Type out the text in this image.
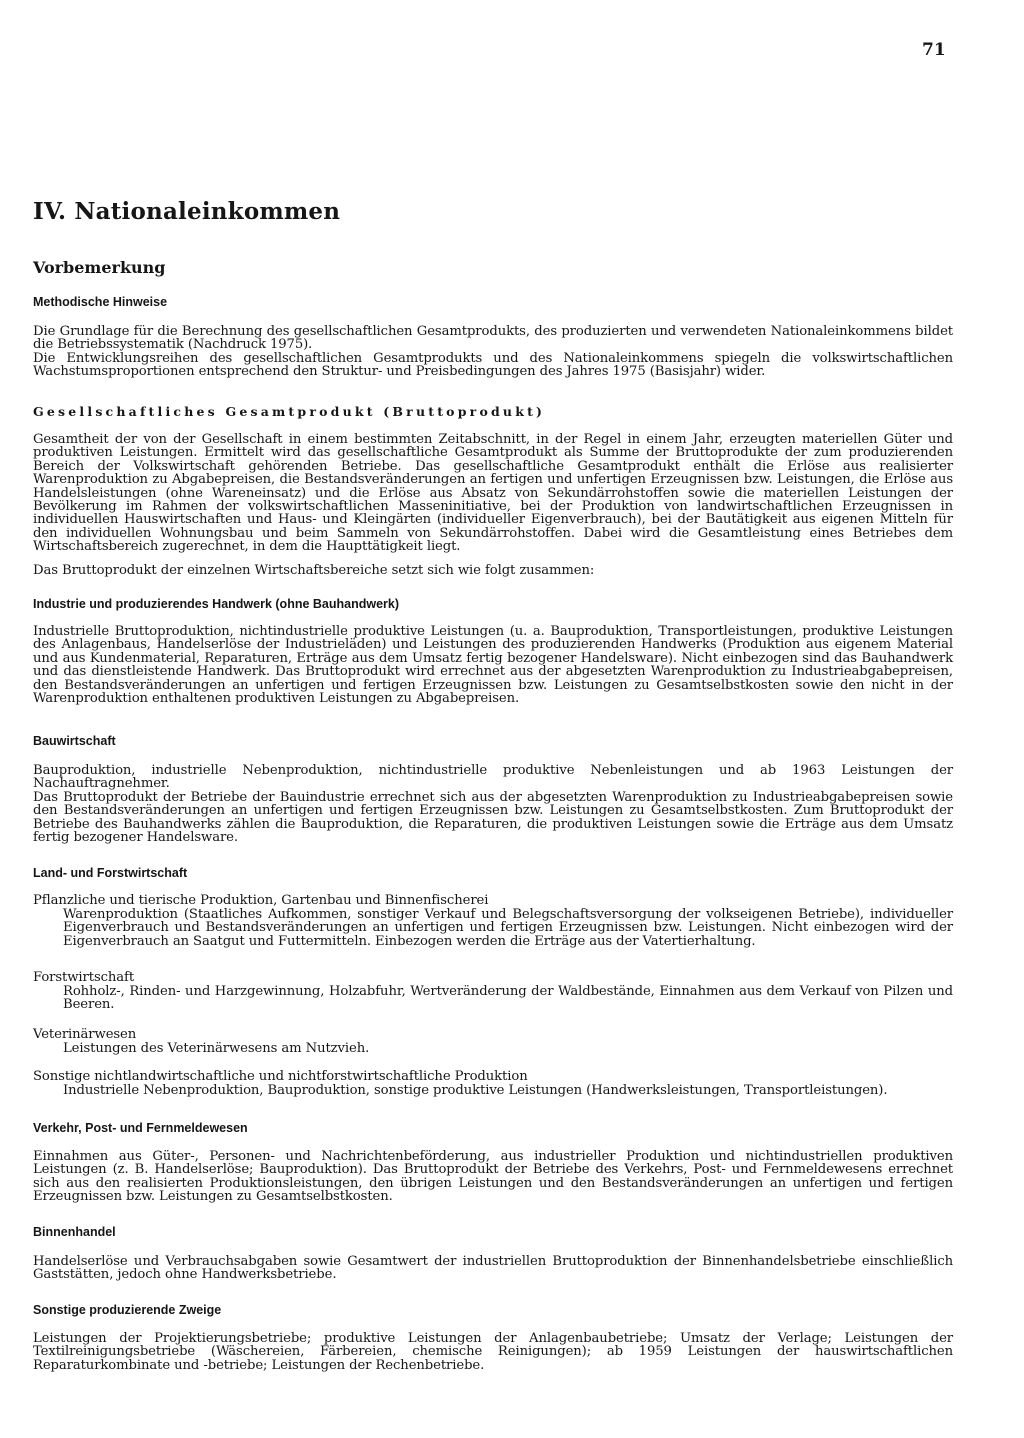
71
IV. Nationaleinkommen
Vorbemerkung
Methodische Hinweise

Die Grundlage für die Berechnung des gesellschaftlichen Gesamtprodukts, des produzierten und verwendeten Nationaleinkommens bildet die Betriebssystematik (Nachdruck 1975).

Die Entwicklungsreihen des gesellschaftlichen Gesamtprodukts und des Nationaleinkommens spiegeln die volkswirtschaftlichen Wachstumsproportionen entsprechend den Struktur- und Preisbedingungen des Jahres 1975 (Basisjahr) wider.

Gesellschaftliches Gesamtprodukt (Bruttoprodukt)

Gesamtheit der von der Gesellschaft in einem bestimmten Zeitabschnitt, in der Regel in einem Jahr, erzeugten materiellen Güter und produktiven Leistungen. Ermittelt wird das gesellschaftliche Gesamtprodukt als Summe der Bruttoprodukte der zum produzierenden Bereich der Volkswirtschaft gehörenden Betriebe. Das gesellschaftliche Gesamtprodukt enthält die Erlöse aus realisierter Warenproduktion zu Abgabepreisen, die Bestandsveränderungen an fertigen und unfertigen Erzeugnissen bzw. Leistungen, die Erlöse aus Handelsleistungen (ohne Wareneinsatz) und die Erlöse aus Absatz von Sekundärrohstoffen sowie die materiellen Leistungen der Bevölkerung im Rahmen der volkswirtschaftlichen Masseninitiative, bei der Produktion von landwirtschaftlichen Erzeugnissen in individuellen Hauswirtschaften und Haus- und Kleingärten (individueller Eigenverbrauch), bei der Bautätigkeit aus eigenen Mitteln für den individuellen Wohnungsbau und beim Sammeln von Sekundärrohstoffen. Dabei wird die Gesamtleistung eines Betriebes dem Wirtschaftsbereich zugerechnet, in dem die Haupttätigkeit liegt.

Das Bruttoprodukt der einzelnen Wirtschaftsbereiche setzt sich wie folgt zusammen:

Industrie und produzierendes Handwerk (ohne Bauhandwerk)

Industrielle Bruttoproduktion, nichtindustrielle produktive Leistungen (u. a. Bauproduktion, Transportleistungen, produktive Leistungen des Anlagenbaus, Handelserlöse der Industrieläden) und Leistungen des produzierenden Handwerks (Produktion aus eigenem Material und aus Kundenmaterial, Reparaturen, Erträge aus dem Umsatz fertig bezogener Handelsware). Nicht einbezogen sind das Bauhandwerk und das dienstleistende Handwerk. Das Bruttoprodukt wird errechnet aus der abgesetzten Warenproduktion zu Industrieabgabepreisen, den Bestandsveränderungen an unfertigen und fertigen Erzeugnissen bzw. Leistungen zu Gesamtselbstkosten sowie den nicht in der Warenproduktion enthaltenen produktiven Leistungen zu Abgabepreisen.

Bauwirtschaft

Bauproduktion, industrielle Nebenproduktion, nichtindustrielle produktive Nebenleistungen und ab 1963 Leistungen der Nachauftragnehmer.

Das Bruttoprodukt der Betriebe der Bauindustrie errechnet sich aus der abgesetzten Warenproduktion zu Industrieabgabepreisen sowie den Bestandsveränderungen an unfertigen und fertigen Erzeugnissen bzw. Leistungen zu Gesamtselbstkosten. Zum Bruttoprodukt der Betriebe des Bauhandwerks zählen die Bauproduktion, die Reparaturen, die produktiven Leistungen sowie die Erträge aus dem Umsatz fertig bezogener Handelsware.

Land- und Forstwirtschaft

Pflanzliche und tierische Produktion, Gartenbau und Binnenfischerei

Warenproduktion (Staatliches Aufkommen, sonstiger Verkauf und Belegschaftsversorgung der volkseigenen Betriebe), individueller Eigenverbrauch und Bestandsveränderungen an unfertigen und fertigen Erzeugnissen bzw. Leistungen. Nicht einbezogen wird der Eigenverbrauch an Saatgut und Futtermitteln. Einbezogen werden die Erträge aus der Vatertierhaltung.

Forstwirtschaft

Rohholz-, Rinden- und Harzgewinnung, Holzabfuhr, Wertveränderung der Waldbestände, Einnahmen aus dem Verkauf von Pilzen und Beeren.

Veterinärwesen

Leistungen des Veterinärwesens am Nutzvieh.

Sonstige nichtlandwirtschaftliche und nichtforstwirtschaftliche Produktion

Industrielle Nebenproduktion, Bauproduktion, sonstige produktive Leistungen (Handwerksleistungen, Transportleistungen).

Verkehr, Post- und Fernmeldewesen

Einnahmen aus Güter-, Personen- und Nachrichtenbeförderung, aus industrieller Produktion und nichtindustriellen produktiven Leistungen (z. B. Handelserlöse; Bauproduktion). Das Bruttoprodukt der Betriebe des Verkehrs, Post- und Fernmeldewesens errechnet sich aus den realisierten Produktionsleistungen, den übrigen Leistungen und den Bestandsveränderungen an unfertigen und fertigen Erzeugnissen bzw. Leistungen zu Gesamtselbstkosten.

Binnenhandel

Handelserlöse und Verbrauchsabgaben sowie Gesamtwert der industriellen Bruttoproduktion der Binnenhandelsbetriebe einschließlich Gaststätten, jedoch ohne Handwerksbetriebe.

Sonstige produzierende Zweige

Leistungen der Projektierungsbetriebe; produktive Leistungen der Anlagenbaubetriebe; Umsatz der Verlage; Leistungen der Textilreinigungsbetriebe (Wäschereien, Färbereien, chemische Reinigungen); ab 1959 Leistungen der hauswirtschaftlichen Reparaturkombinate und -betriebe; Leistungen der Rechenbetriebe.
